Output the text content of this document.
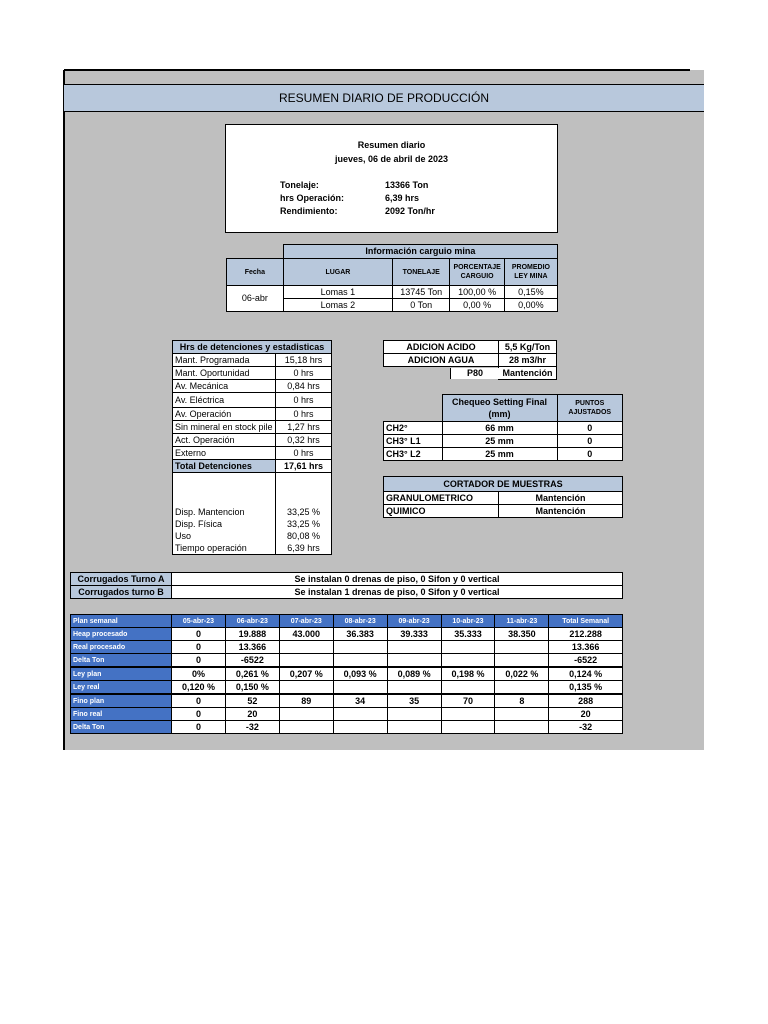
RESUMEN DIARIO DE PRODUCCIÓN
Resumen diario
jueves, 06 de abril de 2023
Tonelaje:	13366 Ton
hrs Operación:	6,39 hrs
Rendimiento:	2092 Ton/hr
	Información carguio mina			
Fecha	LUGAR	TONELAJE	PORCENTAJE CARGUIO	PROMEDIO LEY MINA
06-abr	Lomas 1	13745 Ton	100,00 %	0,15%
	Lomas 2	0 Ton	0,00 %	0,00%
Hrs de detenciones y estadisticas	
Mant. Programada	15,18 hrs
Mant. Oportunidad	0 hrs
Av. Mecánica	0,84 hrs
Av. Eléctrica	0 hrs
Av. Operación	0 hrs
Sin mineral en stock pile	1,27 hrs
Act. Operación	0,32 hrs
Externo	0 hrs
Total Detenciones	17,61 hrs

Disp. Mantencion	33,25 %
Disp. Física	33,25 %
Uso	80,08 %
Tiempo operación	6,39 hrs
ADICION ACIDO	5,5 Kg/Ton
ADICION AGUA	28 m3/hr
P80	Mantención
	Chequeo Setting Final (mm)	PUNTOS AJUSTADOS
CH2°	66 mm	0
CH3° L1	25 mm	0
CH3° L2	25 mm	0
CORTADOR DE MUESTRAS	
GRANULOMETRICO	Mantención
QUIMICO	Mantención
Corrugados Turno A	Se instalan 0 drenas de piso, 0 Sifon y 0 vertical
Corrugados turno B	Se instalan 1 drenas de piso, 0 Sifon y 0 vertical
Plan semanal	05-abr-23	06-abr-23	07-abr-23	08-abr-23	09-abr-23	10-abr-23	11-abr-23	Total Semanal
Heap procesado	0	19.888	43.000	36.383	39.333	35.333	38.350	212.288
Real procesado	0	13.366						13.366
Delta Ton	0	-6522						-6522
Ley plan	0%	0,261 %	0,207 %	0,093 %	0,089 %	0,198 %	0,022 %	0,124 %
Ley real	0,120 %	0,150 %						0,135 %
Fino plan	0	52	89	34	35	70	8	288
Fino real	0	20						20
Delta Ton	0	-32						-32
